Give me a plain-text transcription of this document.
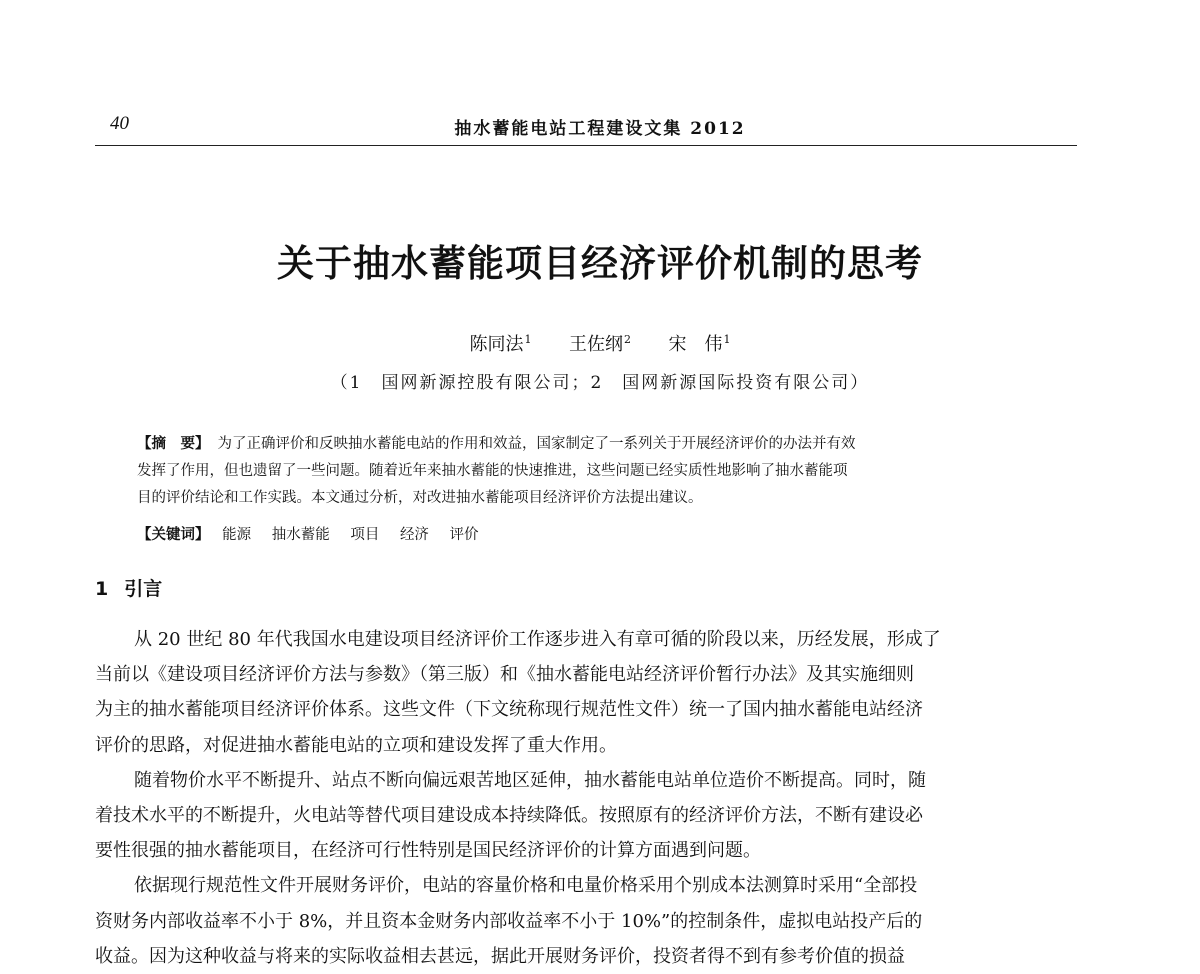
40	抽水蓄能电站工程建设文集 2012
关于抽水蓄能项目经济评价机制的思考
陈同法$^1$ 王佐纲$^2$ 宋　伟$^1$
（1　国网新源控股有限公司；2　国网新源国际投资有限公司）
【摘　要】 为了正确评价和反映抽水蓄能电站的作用和效益，国家制定了一系列关于开展经济评价的办法并有效
发挥了作用，但也遗留了一些问题。随着近年来抽水蓄能的快速推进，这些问题已经实质性地影响了抽水蓄能项
目的评价结论和工作实践。本文通过分析，对改进抽水蓄能项目经济评价方法提出建议。
【关键词】 能源 抽水蓄能 项目 经济 评价
1 引言
从 20 世纪 80 年代我国水电建设项目经济评价工作逐步进入有章可循的阶段以来，历经发展，形成了
当前以《建设项目经济评价方法与参数》（第三版）和《抽水蓄能电站经济评价暂行办法》及其实施细则
为主的抽水蓄能项目经济评价体系。这些文件（下文统称现行规范性文件）统一了国内抽水蓄能电站经济
评价的思路，对促进抽水蓄能电站的立项和建设发挥了重大作用。
随着物价水平不断提升、站点不断向偏远艰苦地区延伸，抽水蓄能电站单位造价不断提高。同时，随
着技术水平的不断提升，火电站等替代项目建设成本持续降低。按照原有的经济评价方法，不断有建设必
要性很强的抽水蓄能项目，在经济可行性特别是国民经济评价的计算方面遇到问题。
依据现行规范性文件开展财务评价，电站的容量价格和电量价格采用个别成本法测算时采用“全部投
资财务内部收益率不小于 8%，并且资本金财务内部收益率不小于 10%”的控制条件，虚拟电站投产后的
收益。因为这种收益与将来的实际收益相去甚远，据此开展财务评价，投资者得不到有参考价值的损益
